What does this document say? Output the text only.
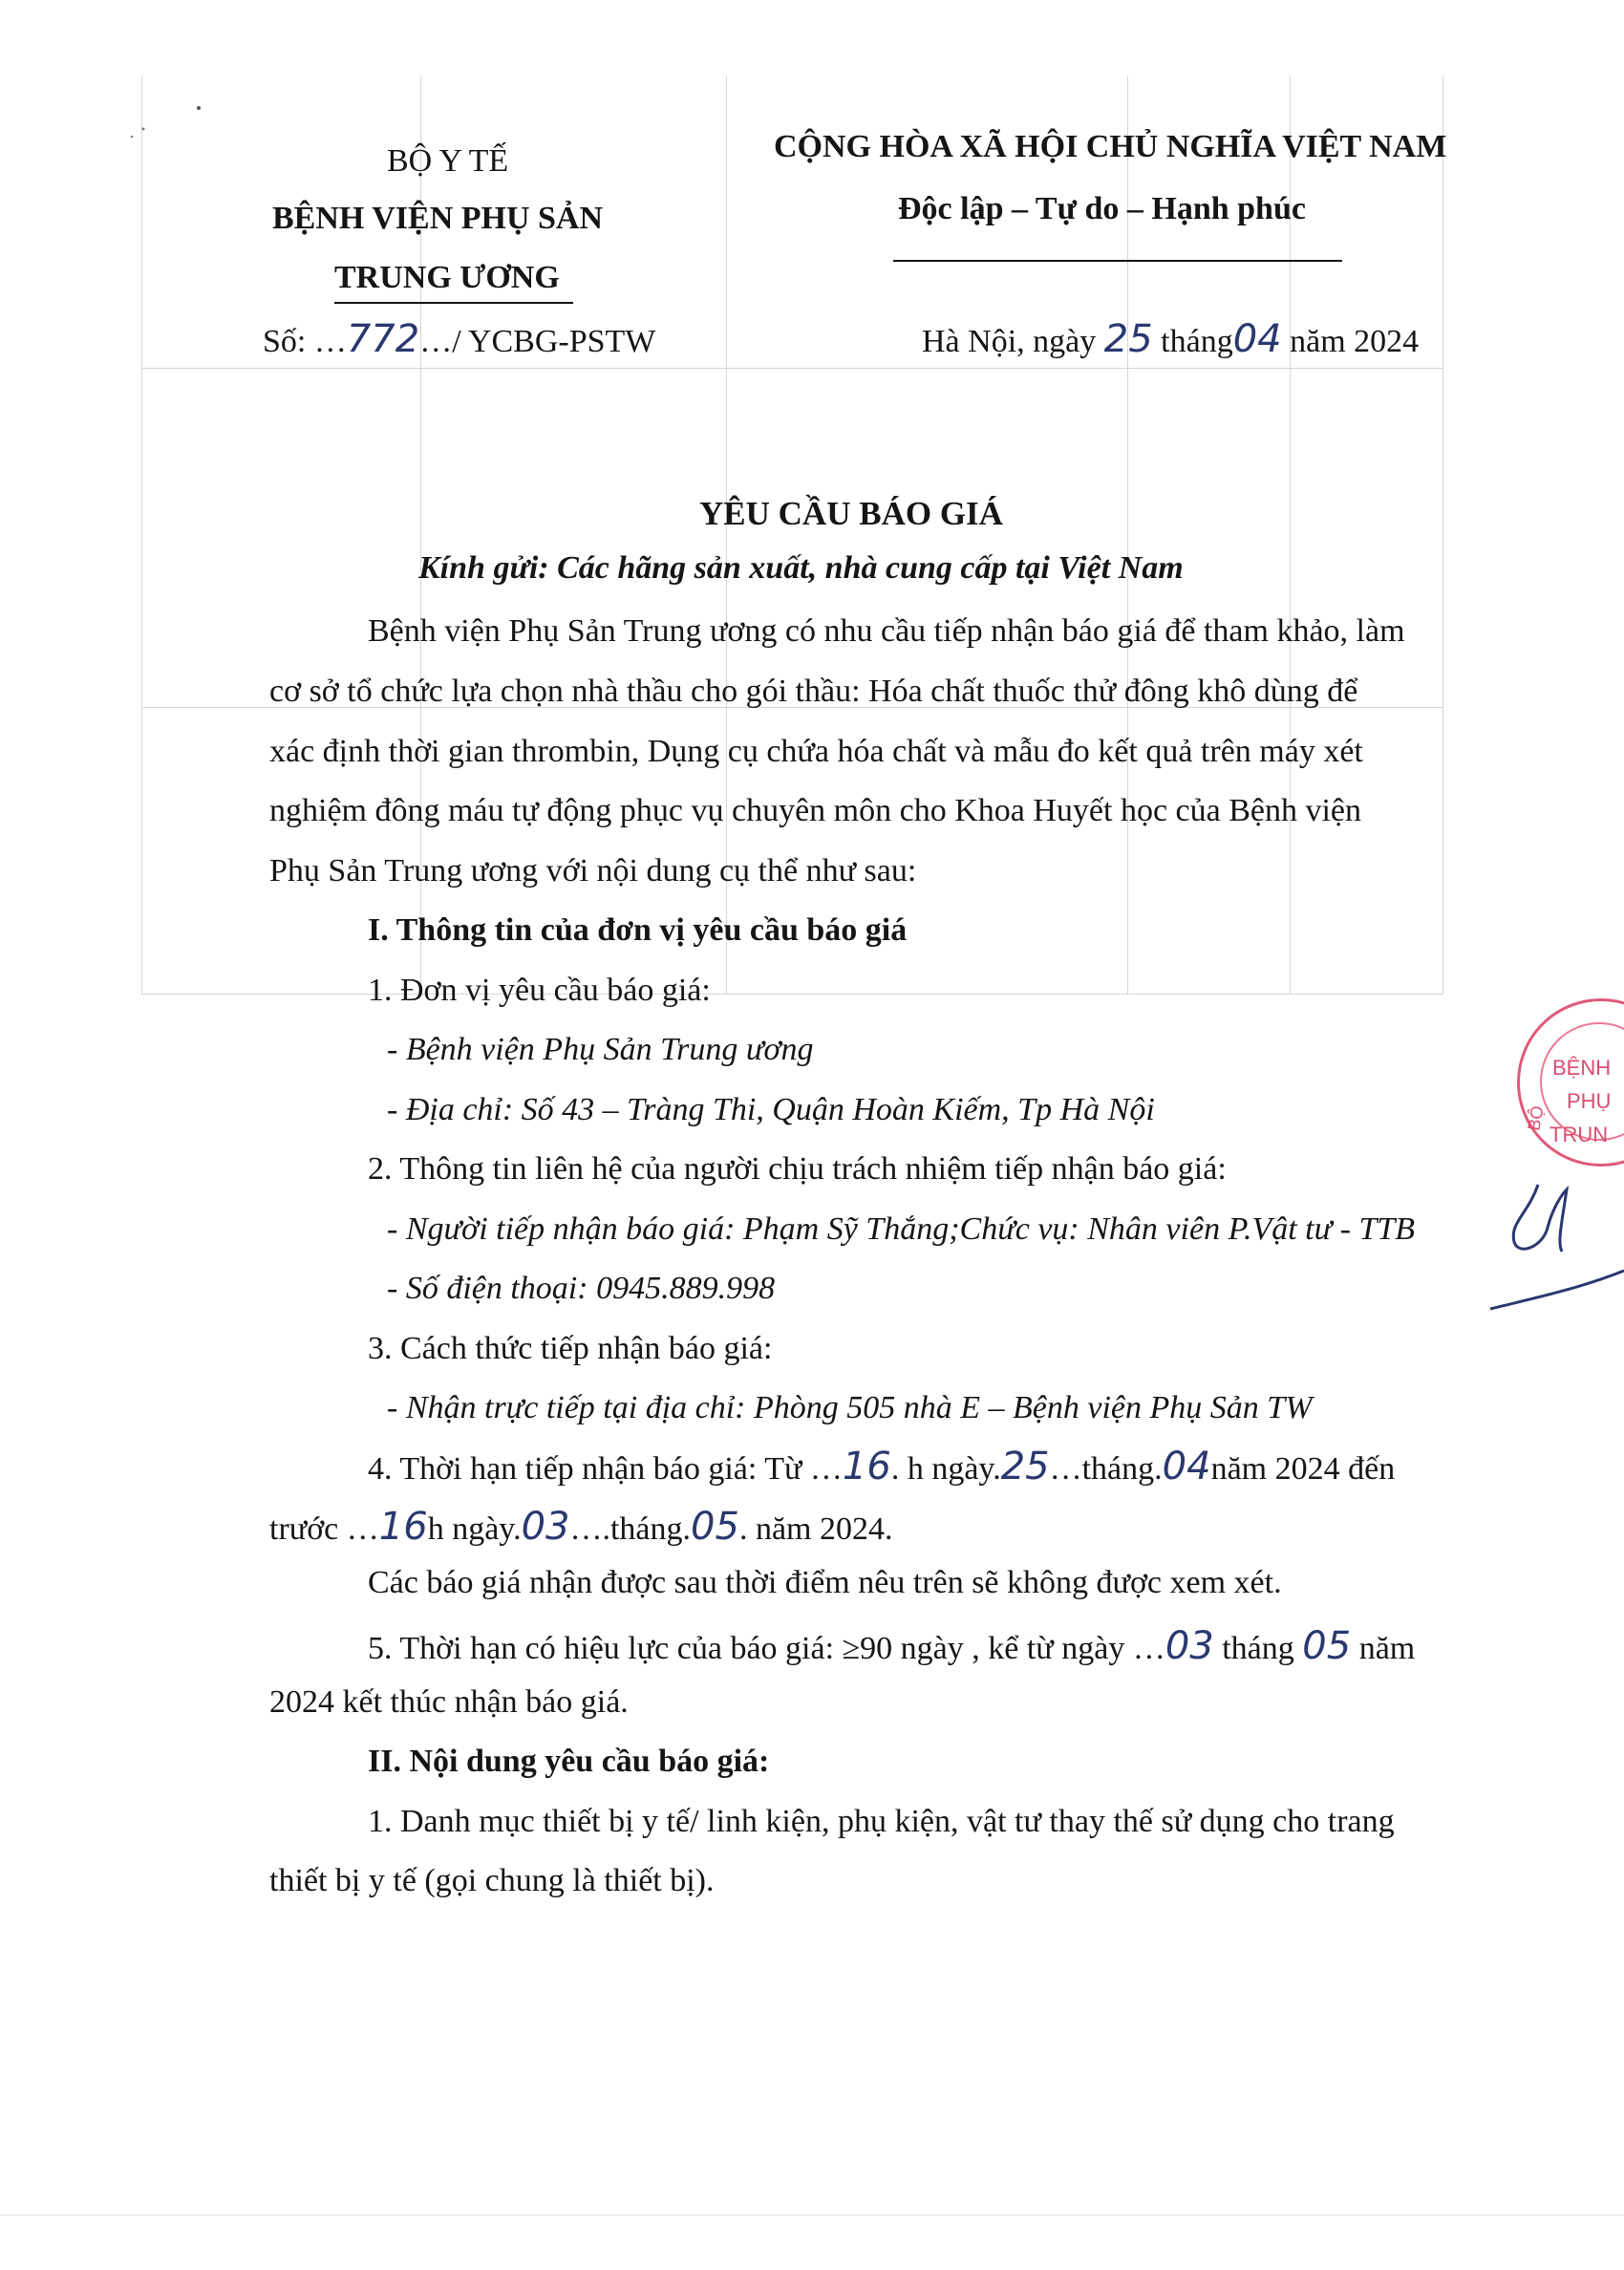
BỘ Y TẾ
BỆNH VIỆN PHỤ SẢN
TRUNG ƯƠNG
Số: …772…/ YCBG-PSTW
CỘNG HÒA XÃ HỘI CHỦ NGHĨA VIỆT NAM
Độc lập – Tự do – Hạnh phúc
Hà Nội, ngày 25 tháng04 năm 2024
YÊU CẦU BÁO GIÁ
Kính gửi: Các hãng sản xuất, nhà cung cấp tại Việt Nam
Bệnh viện Phụ Sản Trung ương có nhu cầu tiếp nhận báo giá để tham khảo, làm
cơ sở tổ chức lựa chọn nhà thầu cho gói thầu: Hóa chất thuốc thử đông khô dùng để
xác định thời gian thrombin, Dụng cụ chứa hóa chất và mẫu đo kết quả trên máy xét
nghiệm đông máu tự động phục vụ chuyên môn cho Khoa Huyết học của Bệnh viện
Phụ Sản Trung ương với nội dung cụ thể như sau:
I. Thông tin của đơn vị yêu cầu báo giá
1. Đơn vị yêu cầu báo giá:
- Bệnh viện Phụ Sản Trung ương
- Địa chỉ: Số 43 – Tràng Thi, Quận Hoàn Kiếm, Tp Hà Nội
2. Thông tin liên hệ của người chịu trách nhiệm tiếp nhận báo giá:
- Người tiếp nhận báo giá: Phạm Sỹ Thắng;Chức vụ: Nhân viên P.Vật tư - TTB
- Số điện thoại: 0945.889.998
3. Cách thức tiếp nhận báo giá:
- Nhận trực tiếp tại địa chỉ: Phòng 505 nhà E – Bệnh viện Phụ Sản TW
4. Thời hạn tiếp nhận báo giá: Từ …16. h ngày.25…tháng.04năm 2024 đến
trước …16h ngày.03….tháng.05. năm 2024.
Các báo giá nhận được sau thời điểm nêu trên sẽ không được xem xét.
5. Thời hạn có hiệu lực của báo giá: ≥90 ngày , kể từ ngày …03 tháng 05 năm
2024 kết thúc nhận báo giá.
II. Nội dung yêu cầu báo giá:
1. Danh mục thiết bị y tế/ linh kiện, phụ kiện, vật tư thay thế sử dụng cho trang
thiết bị y tế (gọi chung là thiết bị).
BỆNH
PHỤ
TRUN
BỘ
